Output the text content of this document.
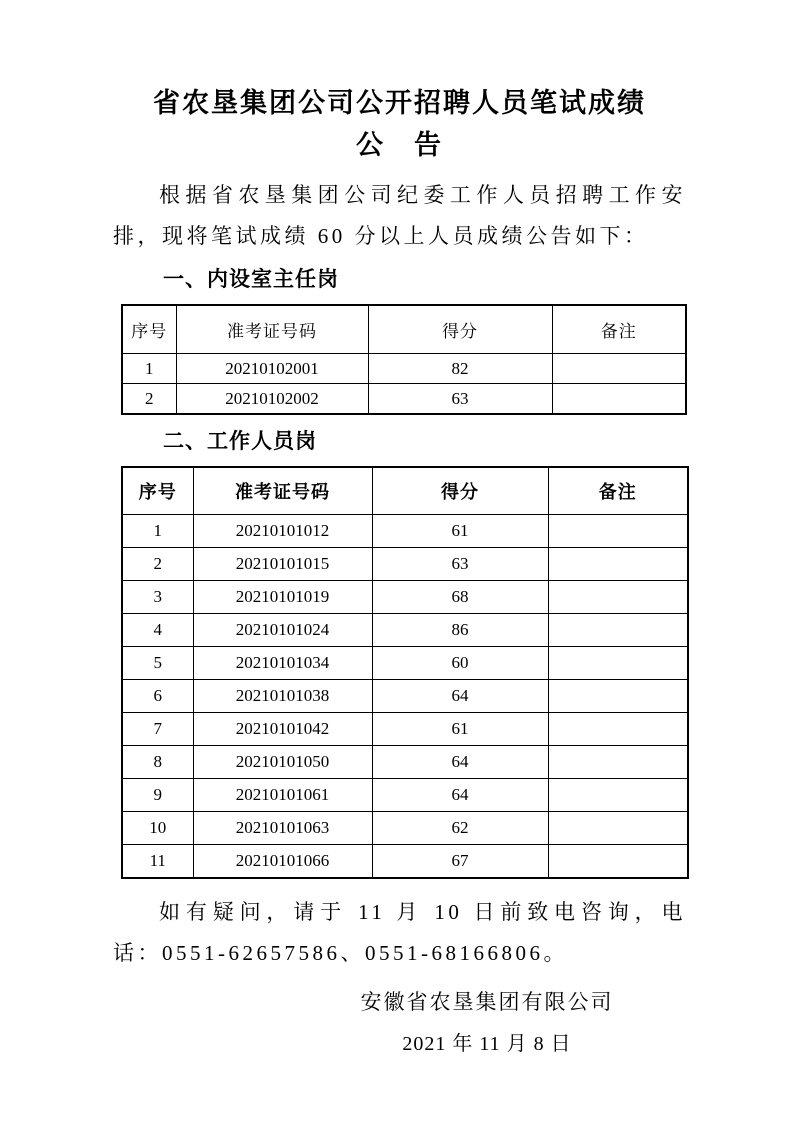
省农垦集团公司公开招聘人员笔试成绩
公　告

根据省农垦集团公司纪委工作人员招聘工作安排，现将笔试成绩 60 分以上人员成绩公告如下：

一、内设室主任岗
序号	准考证号码	得分	备注
1	20210102001	82	
2	20210102002	63	
二、工作人员岗
序号	准考证号码	得分	备注
1	20210101012	61	
2	20210101015	63	
3	20210101019	68	
4	20210101024	86	
5	20210101034	60	
6	20210101038	64	
7	20210101042	61	
8	20210101050	64	
9	20210101061	64	
10	20210101063	62	
11	20210101066	67	

如有疑问，请于 11 月 10 日前致电咨询，电话：0551-62657586、0551-68166806。

安徽省农垦集团有限公司

2021 年 11 月 8 日
